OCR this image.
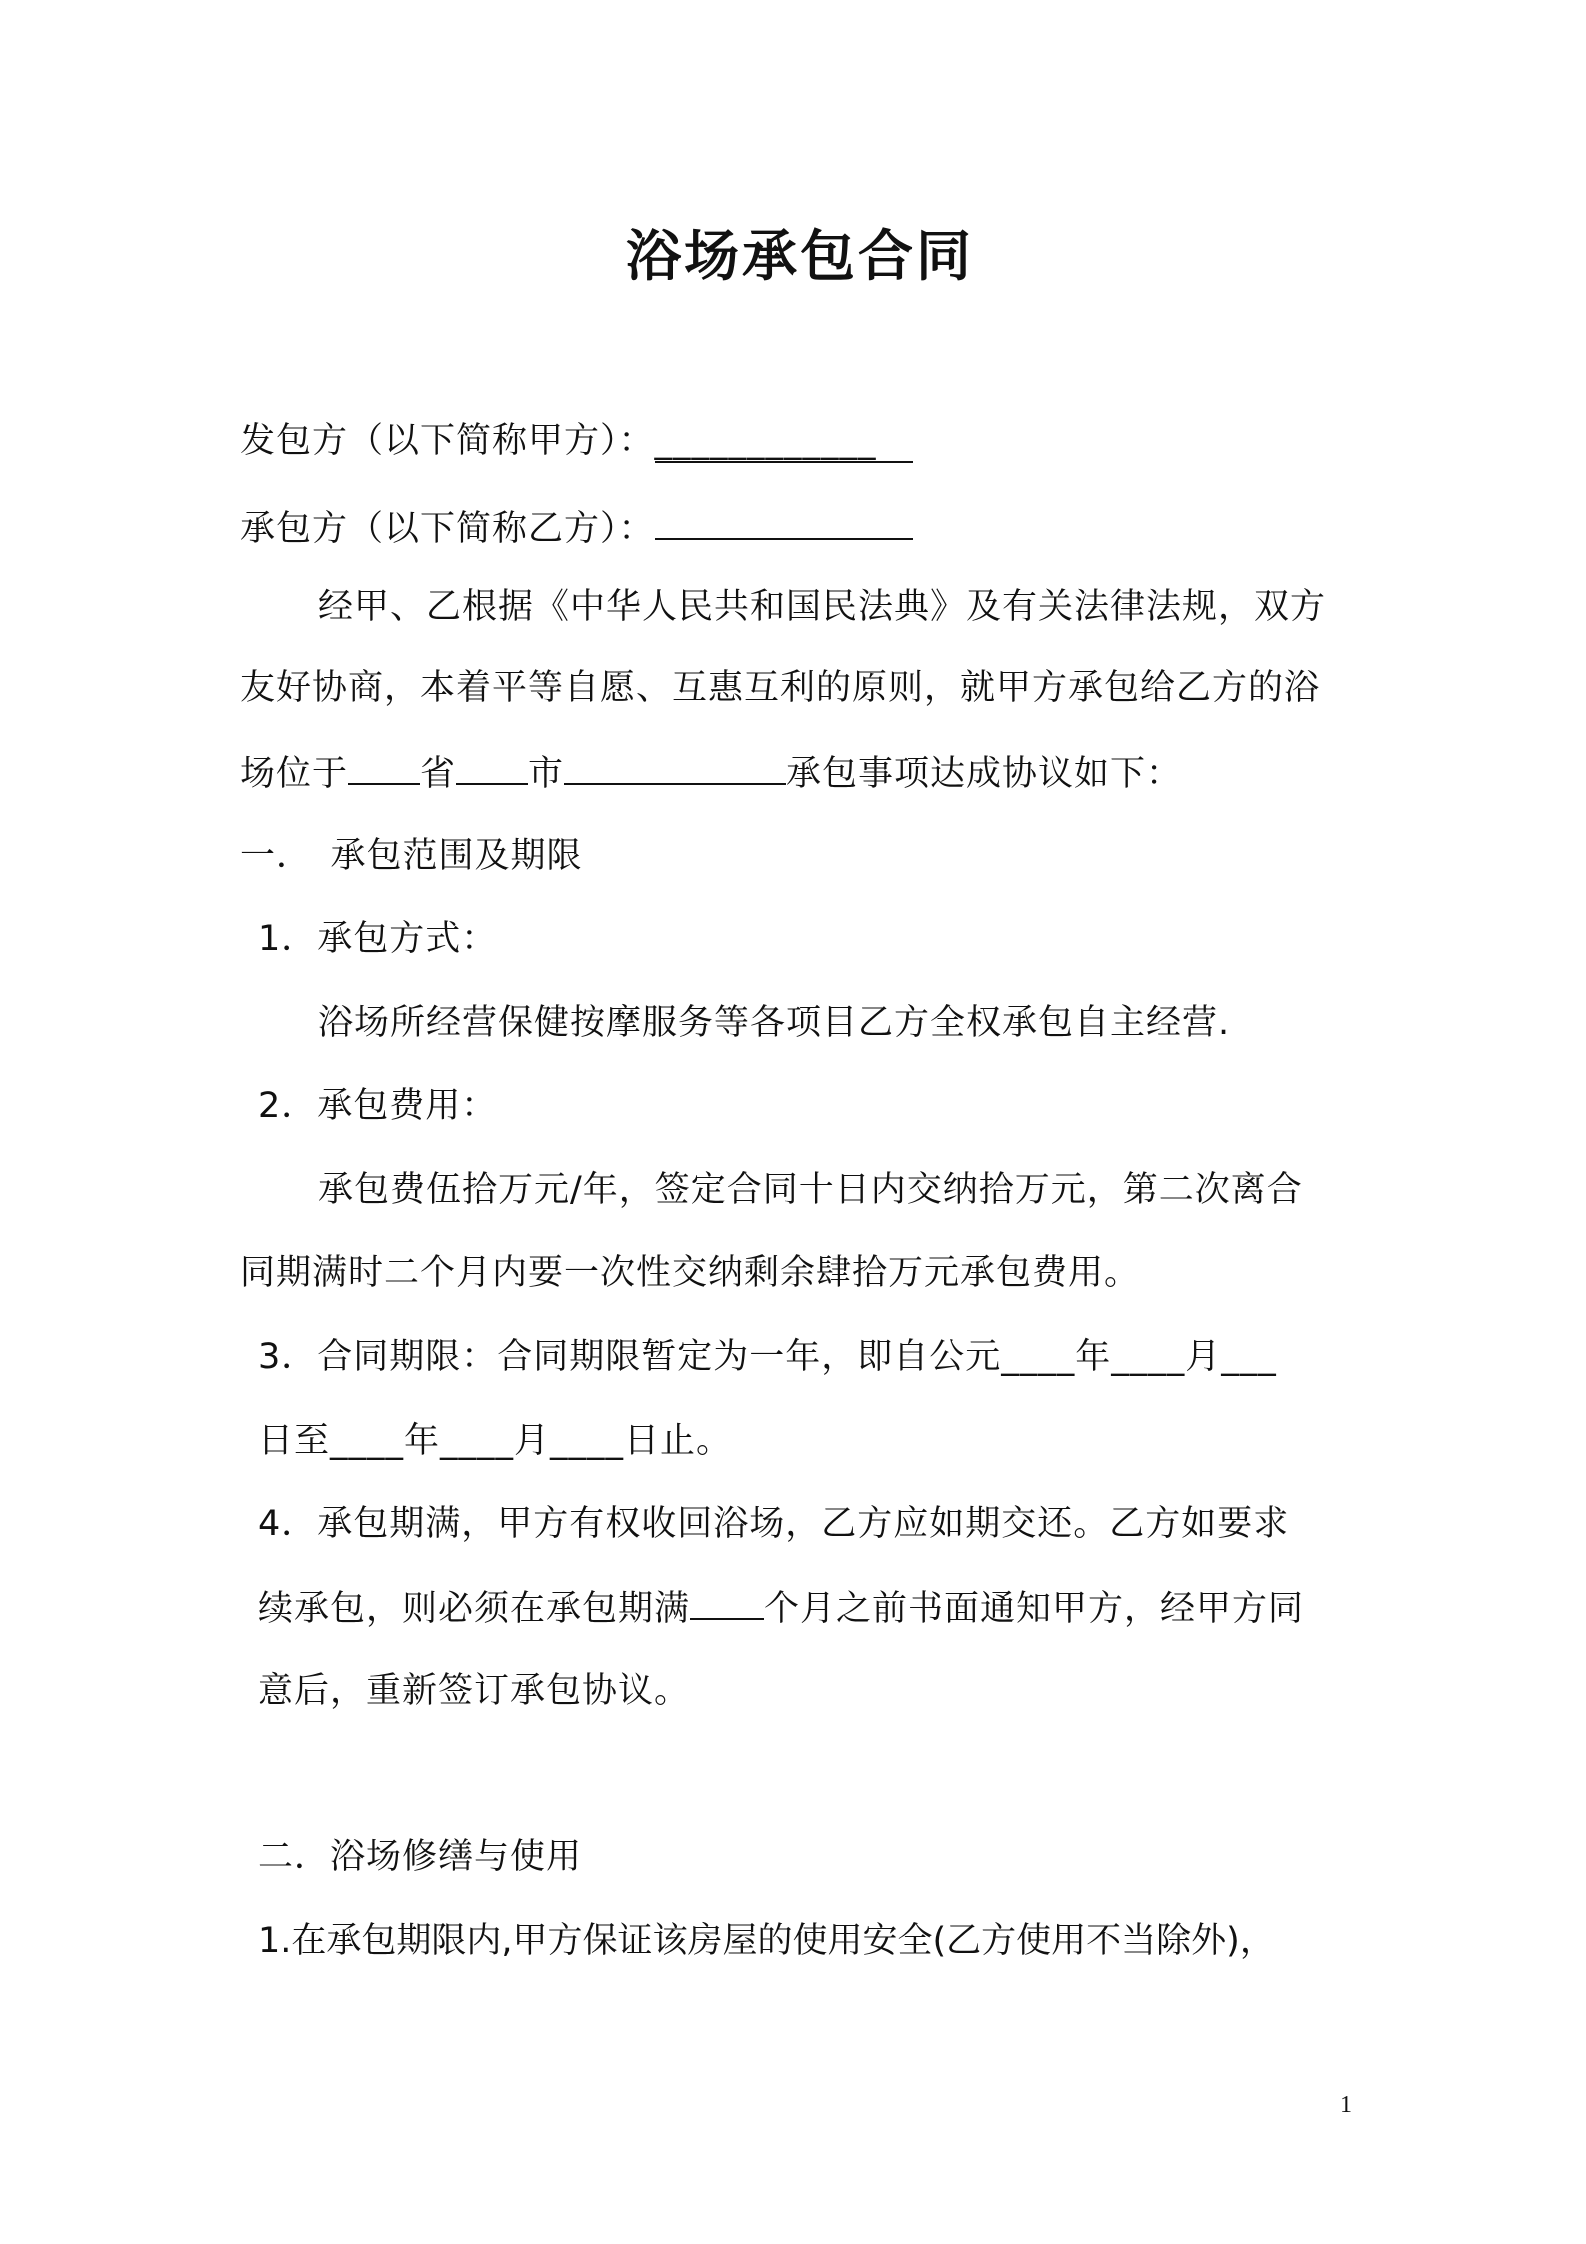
浴场承包合同
发包方（以下简称甲方）：____________
承包方（以下简称乙方）：
经甲、乙根据《中华人民共和国民法典》及有关法律法规，双方
友好协商，本着平等自愿、互惠互利的原则，就甲方承包给乙方的浴
场位于 省 市	承包事项达成协议如下：
一．　承包范围及期限
1．承包方式：
浴场所经营保健按摩服务等各项目乙方全权承包自主经营.
2．承包费用：
承包费伍拾万元/年，签定合同十日内交纳拾万元，第二次离合
同期满时二个月内要一次性交纳剩余肆拾万元承包费用。
3．合同期限：合同期限暂定为一年，即自公元____年____月___
日至____年____月____日止。
4．承包期满，甲方有权收回浴场，乙方应如期交还。乙方如要求
续承包，则必须在承包期满 个月之前书面通知甲方，经甲方同
意后，重新签订承包协议。
二．浴场修缮与使用
1.在承包期限内,甲方保证该房屋的使用安全(乙方使用不当除外)，
1
